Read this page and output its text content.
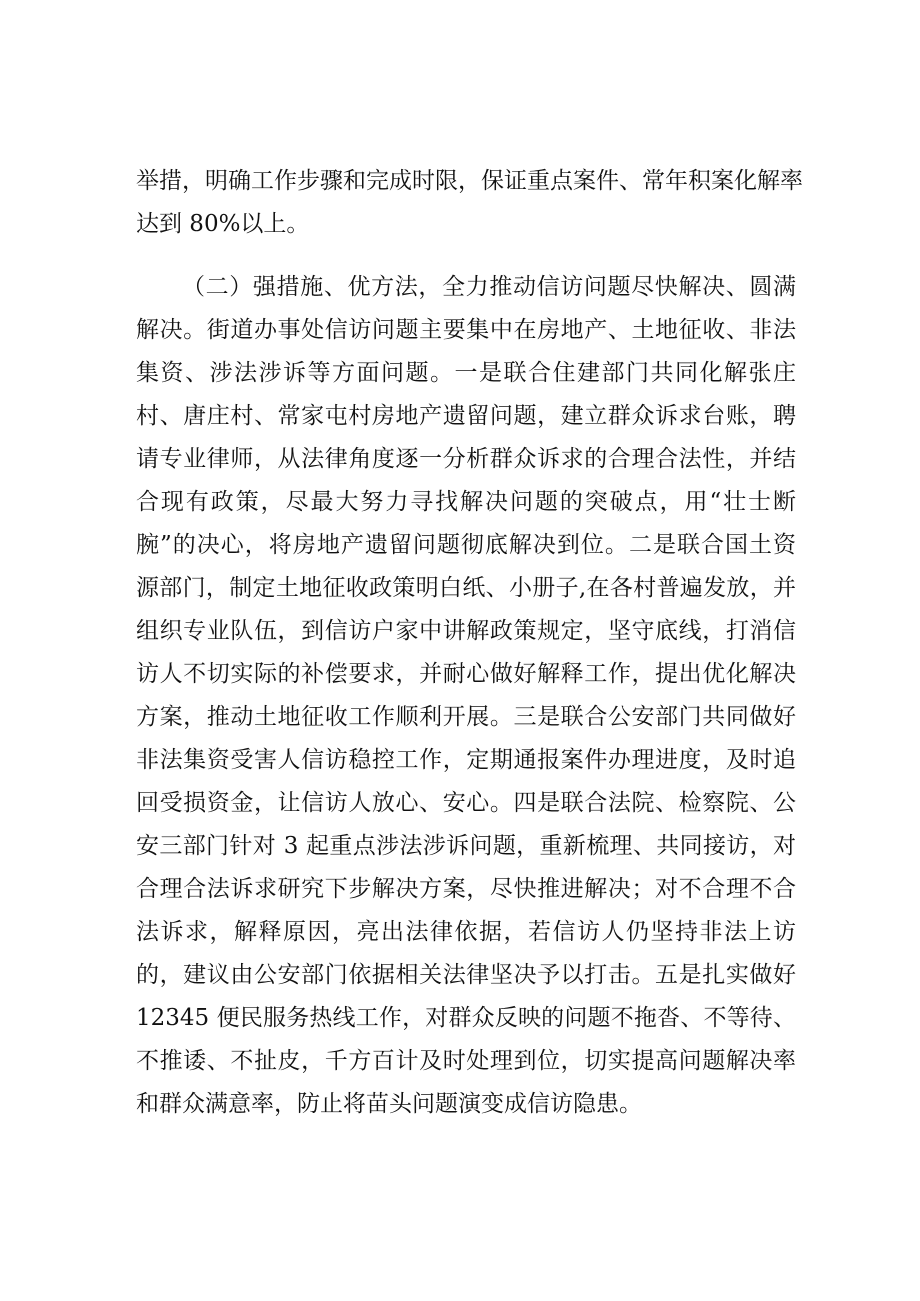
举措，明确工作步骤和完成时限，保证重点案件、常年积案化解率
达到 80%以上。
（二）强措施、优方法，全力推动信访问题尽快解决、圆满
解决。街道办事处信访问题主要集中在房地产、土地征收、非法
集资、涉法涉诉等方面问题。一是联合住建部门共同化解张庄
村、唐庄村、常家屯村房地产遗留问题，建立群众诉求台账，聘
请专业律师，从法律角度逐一分析群众诉求的合理合法性，并结
合现有政策，尽最大努力寻找解决问题的突破点，用“壮士断
腕”的决心，将房地产遗留问题彻底解决到位。二是联合国土资
源部门，制定土地征收政策明白纸、小册子,在各村普遍发放，并
组织专业队伍，到信访户家中讲解政策规定，坚守底线，打消信
访人不切实际的补偿要求，并耐心做好解释工作，提出优化解决
方案，推动土地征收工作顺利开展。三是联合公安部门共同做好
非法集资受害人信访稳控工作，定期通报案件办理进度，及时追
回受损资金，让信访人放心、安心。四是联合法院、检察院、公
安三部门针对 3 起重点涉法涉诉问题，重新梳理、共同接访，对
合理合法诉求研究下步解决方案，尽快推进解决；对不合理不合
法诉求，解释原因，亮出法律依据，若信访人仍坚持非法上访
的，建议由公安部门依据相关法律坚决予以打击。五是扎实做好
12345 便民服务热线工作，对群众反映的问题不拖沓、不等待、
不推诿、不扯皮，千方百计及时处理到位，切实提高问题解决率
和群众满意率，防止将苗头问题演变成信访隐患。
